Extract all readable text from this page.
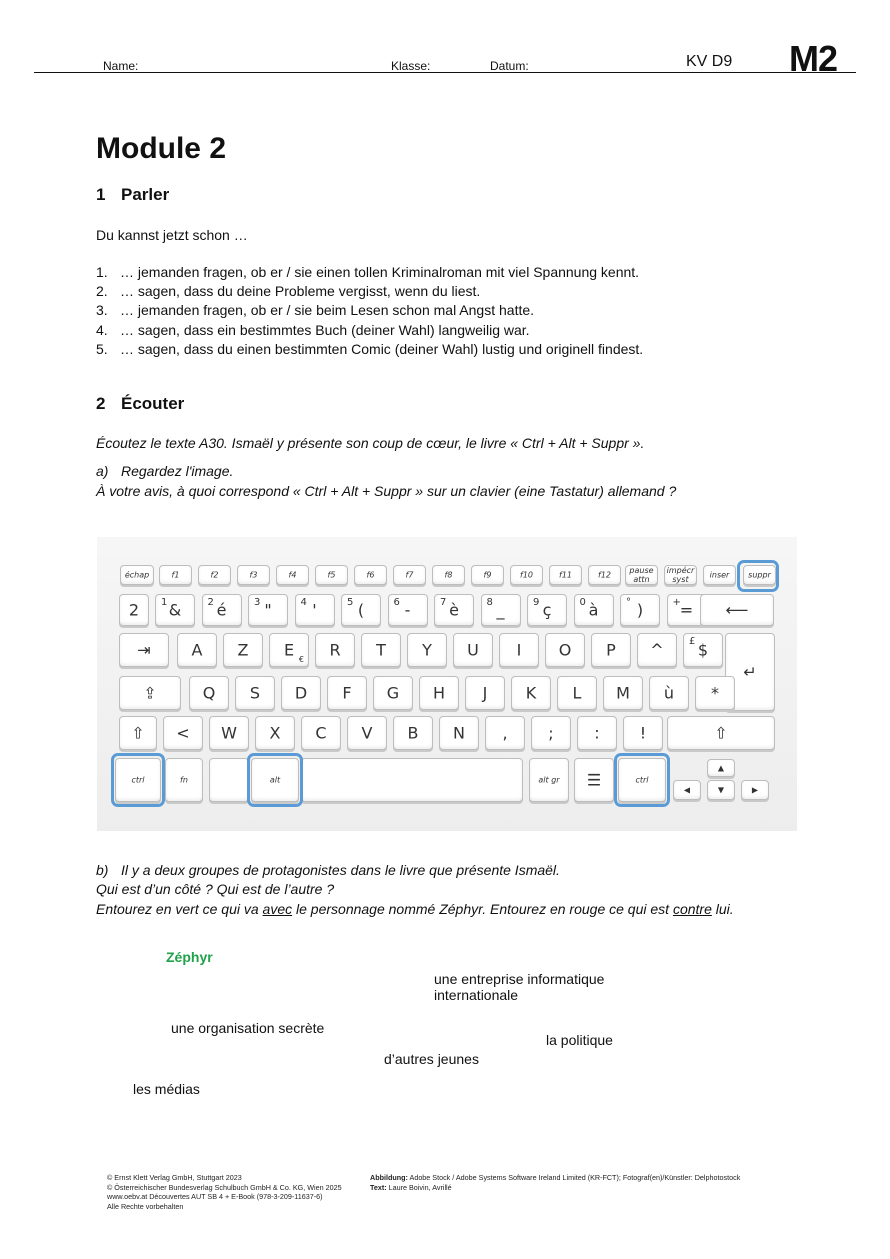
Name:	Klasse:	Datum:	KV D9 M2
Module 2
1 Parler
Du kannst jetzt schon …
1. … jemanden fragen, ob er / sie einen tollen Kriminalroman mit viel Spannung kennt.
2. … sagen, dass du deine Probleme vergisst, wenn du liest.
3. … jemanden fragen, ob er / sie beim Lesen schon mal Angst hatte.
4. … sagen, dass ein bestimmtes Buch (deiner Wahl) langweilig war.
5. … sagen, dass du einen bestimmten Comic (deiner Wahl) lustig und originell findest.
2 Écouter
Écoutez le texte A30. Ismaël y présente son coup de cœur, le livre « Ctrl + Alt + Suppr ».
a) Regardez l'image.
À votre avis, à quoi correspond « Ctrl + Alt + Suppr » sur un clavier (eine Tastatur) allemand ?
échap	f1	f2	f3	f4	f5	f6	f7	f8	f9	f10	f11	f12	pause attn
impécr syst	inser	suppr
2	&
1	é
2	"
3	'
4	(
5	-
6	è
7	_
8	ç
9	à
0	)
°	=
+	⟵
⇥	A	Z	E €	R	T	Y	U	I	O	P	^	$
£
↵
⇪	Q	S	D	F	G	H	J	K	L	M	ù	*
⇧	<	W	X	C	V	B	N	,	;	:	!	⇧
ctrl	fn	alt	alt gr	☰	ctrl
▲
◀	▼	▶
b) Il y a deux groupes de protagonistes dans le livre que présente Ismaël.
Qui est d’un côté ? Qui est de l’autre ?
Entourez en vert ce qui va avec le personnage nommé Zéphyr. Entourez en rouge ce qui est contre lui.
Zéphyr
une entreprise informatique
internationale
une organisation secrète
la politique
d’autres jeunes
les médias
© Ernst Klett Verlag GmbH, Stuttgart 2023
© Österreichischer Bundesverlag Schulbuch GmbH & Co. KG, Wien 2025
www.oebv.at Découvertes AUT SB 4 + E-Book (978-3-209-11637-6)
Alle Rechte vorbehalten
Abbildung: Adobe Stock / Adobe Systems Software Ireland Limited (KR-FCT); Fotograf(en)/Künstler: Delphotostock
Text: Laure Boivin, Avrillé
